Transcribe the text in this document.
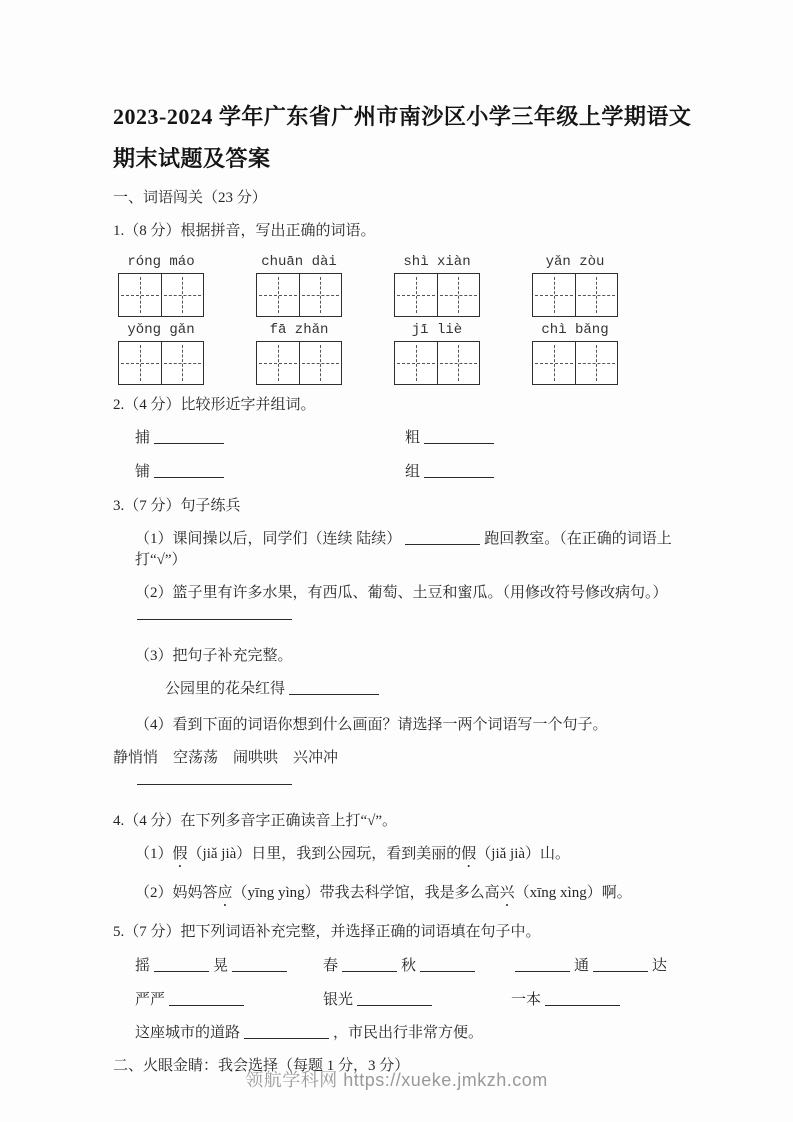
2023-2024 学年广东省广州市南沙区小学三年级上学期语文
期末试题及答案

一、词语闯关（23 分）

1.（8 分）根据拼音，写出正确的词语。

róng máo	chuān dài	shì xiàn	yǎn zòu
yǒng gǎn	fā zhǎn	jī liè	chì bǎng

2.（4 分）比较形近字并组词。

捕	粗
铺	组

3.（7 分）句子练兵

（1）课间操以后，同学们（连续 陆续）	跑回教室。（在正确的词语上打“√”）

（2）篮子里有许多水果，有西瓜、葡萄、土豆和蜜瓜。（用修改符号修改病句。）

（3）把句子补充完整。

公园里的花朵红得

（4）看到下面的词语你想到什么画面？请选择一两个词语写一个句子。

静悄悄　空荡荡　闹哄哄　兴冲冲

4.（4 分）在下列多音字正确读音上打“√”。

（1）假（jiǎ jià）日里，我到公园玩，看到美丽的假（jiǎ jià）山。

（2）妈妈答应（yīng yìng）带我去科学馆，我是多么高兴（xīng xìng）啊。

5.（7 分）把下列词语补充完整，并选择正确的词语填在句子中。

摇	晃	春	秋	通	达
严严	银光	一本

这座城市的道路	，市民出行非常方便。

二、火眼金睛：我会选择（每题 1 分，3 分）

领航学科网 https://xueke.jmkzh.com
